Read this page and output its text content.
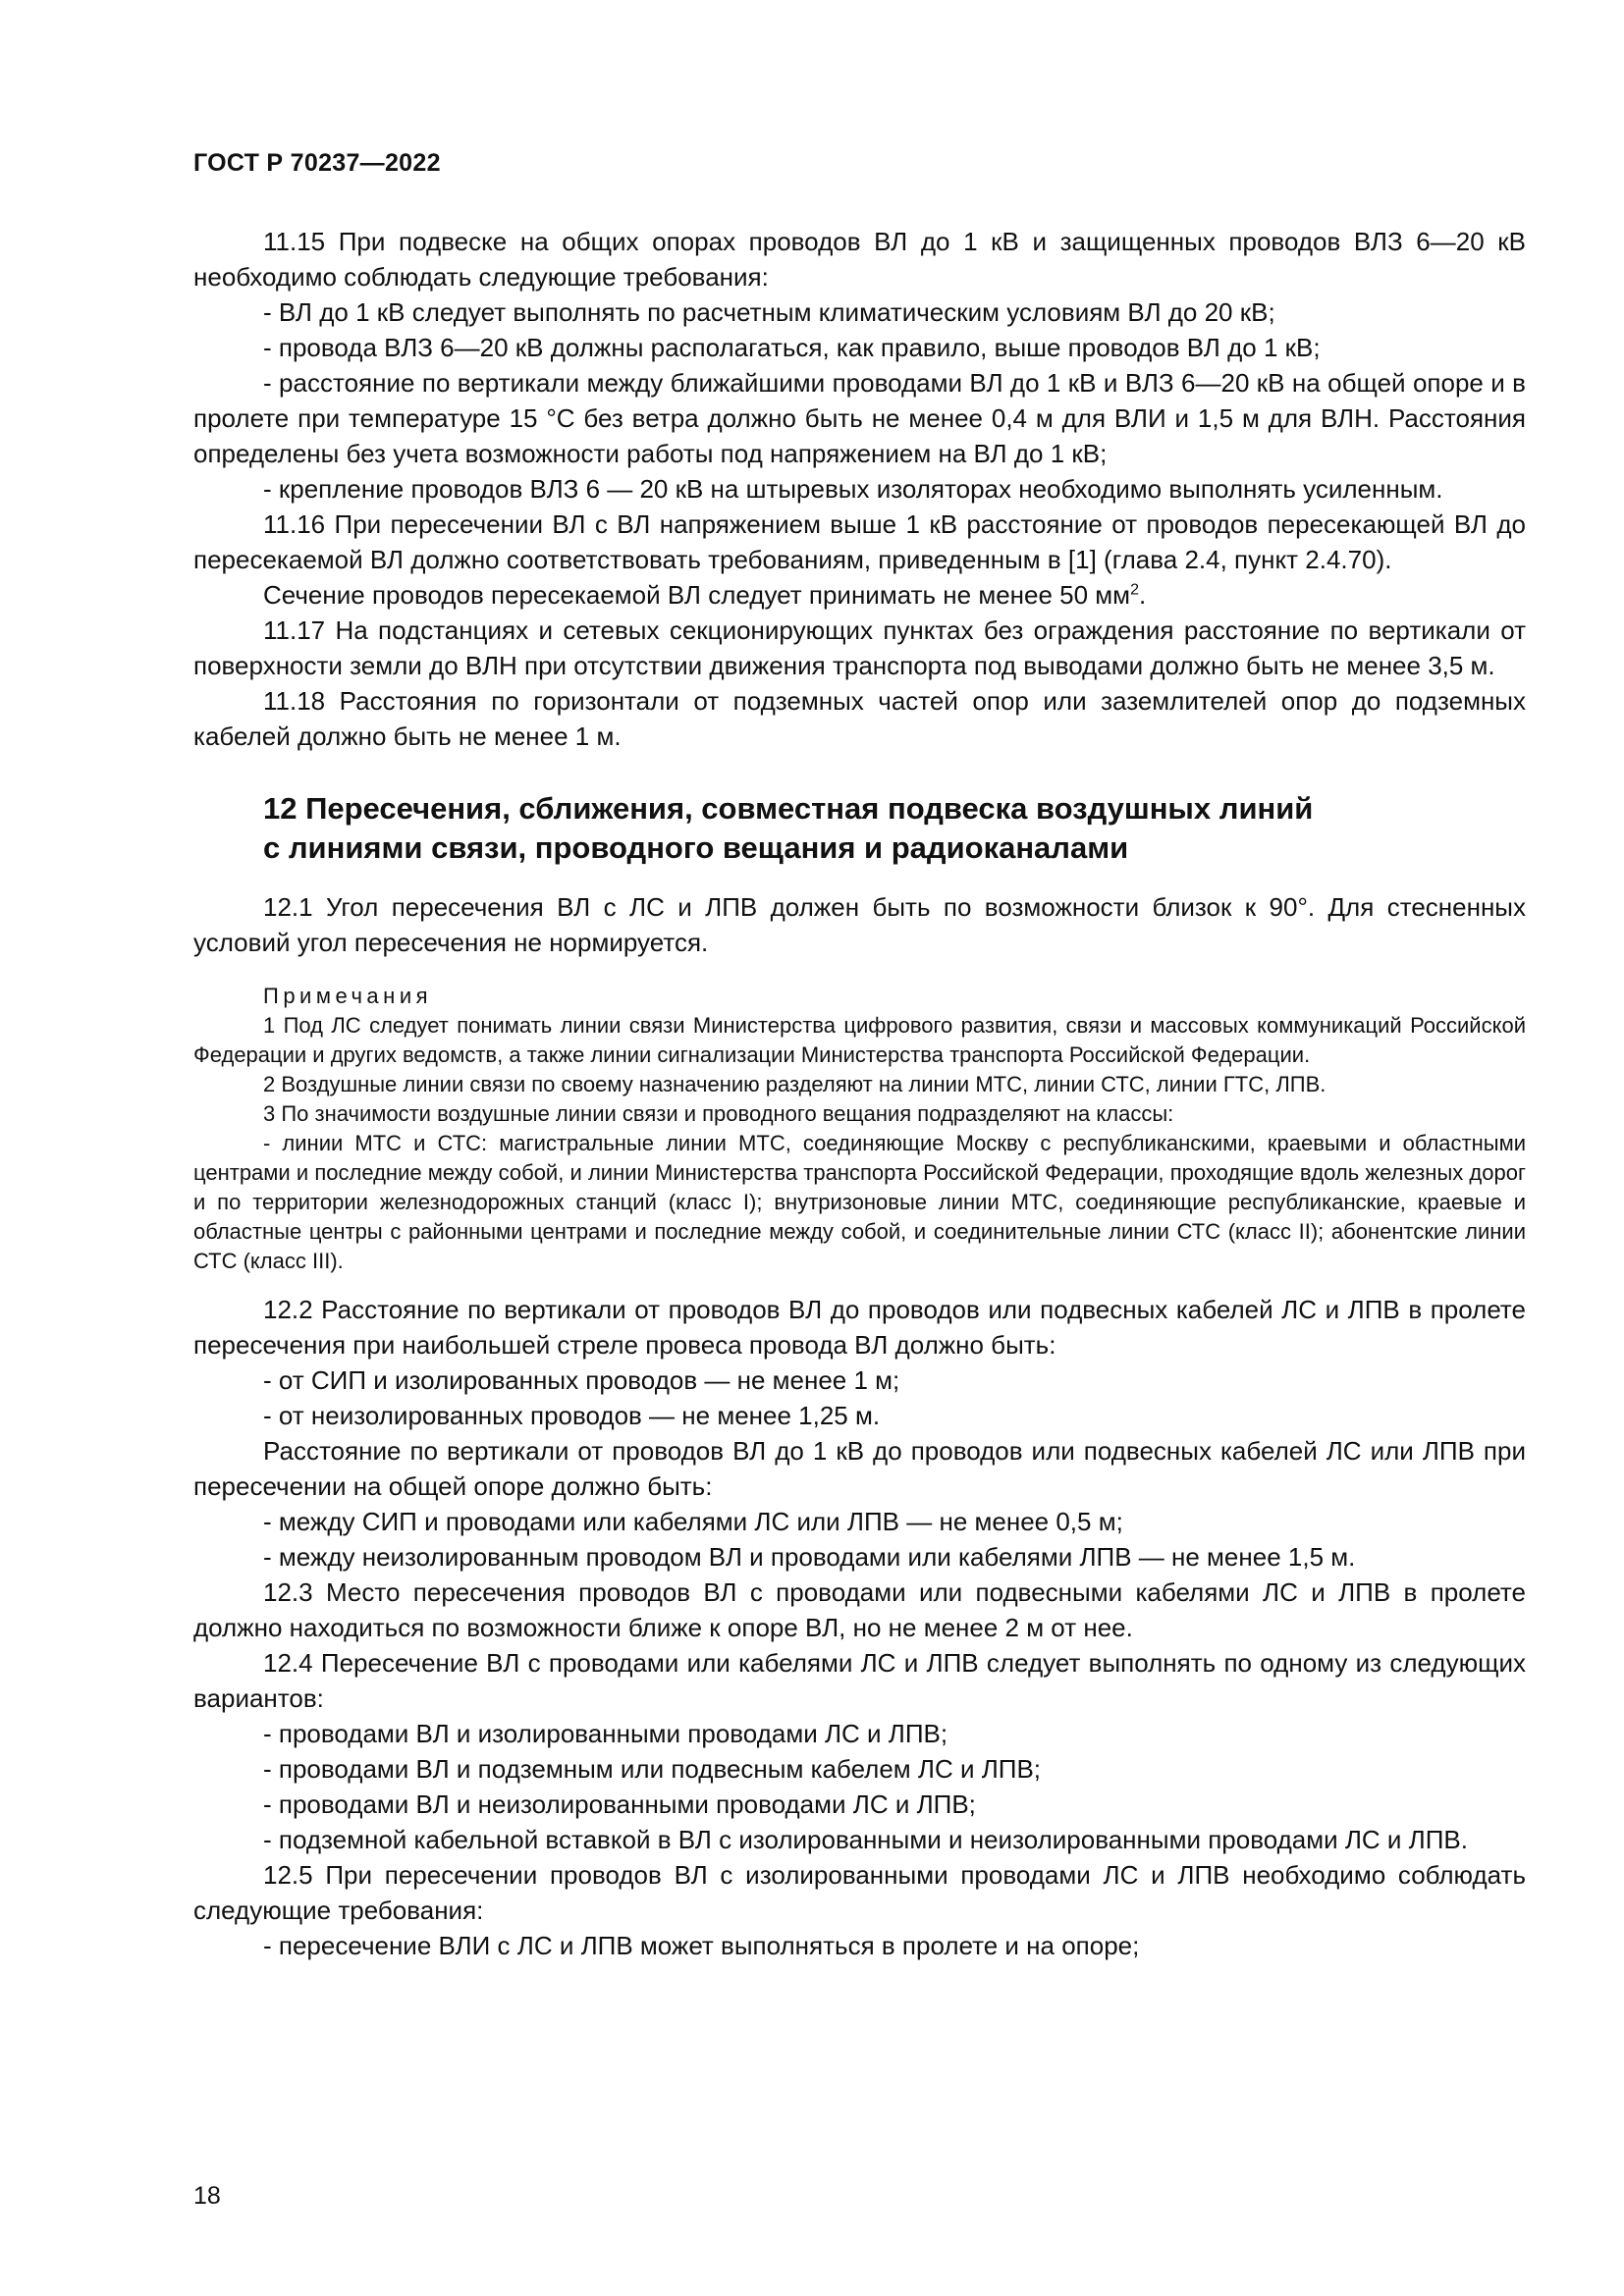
ГОСТ Р 70237—2022

11.15 При подвеске на общих опорах проводов ВЛ до 1 кВ и защищенных проводов ВЛЗ 6—20 кВ необходимо соблюдать следующие требования:

- ВЛ до 1 кВ следует выполнять по расчетным климатическим условиям ВЛ до 20 кВ;

- провода ВЛЗ 6—20 кВ должны располагаться, как правило, выше проводов ВЛ до 1 кВ;

- расстояние по вертикали между ближайшими проводами ВЛ до 1 кВ и ВЛЗ 6—20 кВ на общей опоре и в пролете при температуре 15 °С без ветра должно быть не менее 0,4 м для ВЛИ и 1,5 м для ВЛН. Расстояния определены без учета возможности работы под напряжением на ВЛ до 1 кВ;

- крепление проводов ВЛЗ 6 — 20 кВ на штыревых изоляторах необходимо выполнять усиленным.

11.16 При пересечении ВЛ с ВЛ напряжением выше 1 кВ расстояние от проводов пересекающей ВЛ до пересекаемой ВЛ должно соответствовать требованиям, приведенным в [1] (глава 2.4, пункт 2.4.70).

Сечение проводов пересекаемой ВЛ следует принимать не менее 50 $мм^2$.

11.17 На подстанциях и сетевых секционирующих пунктах без ограждения расстояние по вертикали от поверхности земли до ВЛН при отсутствии движения транспорта под выводами должно быть не менее 3,5 м.

11.18 Расстояния по горизонтали от подземных частей опор или заземлителей опор до подземных кабелей должно быть не менее 1 м.

12 Пересечения, сближения, совместная подвеска воздушных линий
с линиями связи, проводного вещания и радиоканалами

12.1 Угол пересечения ВЛ с ЛС и ЛПВ должен быть по возможности близок к 90°. Для стесненных условий угол пересечения не нормируется.

Примечания

1 Под ЛС следует понимать линии связи Министерства цифрового развития, связи и массовых коммуникаций Российской Федерации и других ведомств, а также линии сигнализации Министерства транспорта Российской Федерации.

2 Воздушные линии связи по своему назначению разделяют на линии МТС, линии СТС, линии ГТС, ЛПВ.

3 По значимости воздушные линии связи и проводного вещания подразделяют на классы:

- линии МТС и СТС: магистральные линии МТС, соединяющие Москву с республиканскими, краевыми и областными центрами и последние между собой, и линии Министерства транспорта Российской Федерации, проходящие вдоль железных дорог и по территории железнодорожных станций (класс I); внутризоновые линии МТС, соединяющие республиканские, краевые и областные центры с районными центрами и последние между собой, и соединительные линии СТС (класс II); абонентские линии СТС (класс III).

12.2 Расстояние по вертикали от проводов ВЛ до проводов или подвесных кабелей ЛС и ЛПВ в пролете пересечения при наибольшей стреле провеса провода ВЛ должно быть:

- от СИП и изолированных проводов — не менее 1 м;

- от неизолированных проводов — не менее 1,25 м.

Расстояние по вертикали от проводов ВЛ до 1 кВ до проводов или подвесных кабелей ЛС или ЛПВ при пересечении на общей опоре должно быть:

- между СИП и проводами или кабелями ЛС или ЛПВ — не менее 0,5 м;

- между неизолированным проводом ВЛ и проводами или кабелями ЛПВ — не менее 1,5 м.

12.3 Место пересечения проводов ВЛ с проводами или подвесными кабелями ЛС и ЛПВ в пролете должно находиться по возможности ближе к опоре ВЛ, но не менее 2 м от нее.

12.4 Пересечение ВЛ с проводами или кабелями ЛС и ЛПВ следует выполнять по одному из следующих вариантов:

- проводами ВЛ и изолированными проводами ЛС и ЛПВ;

- проводами ВЛ и подземным или подвесным кабелем ЛС и ЛПВ;

- проводами ВЛ и неизолированными проводами ЛС и ЛПВ;

- подземной кабельной вставкой в ВЛ с изолированными и неизолированными проводами ЛС и ЛПВ.

12.5 При пересечении проводов ВЛ с изолированными проводами ЛС и ЛПВ необходимо соблюдать следующие требования:

- пересечение ВЛИ с ЛС и ЛПВ может выполняться в пролете и на опоре;

18
